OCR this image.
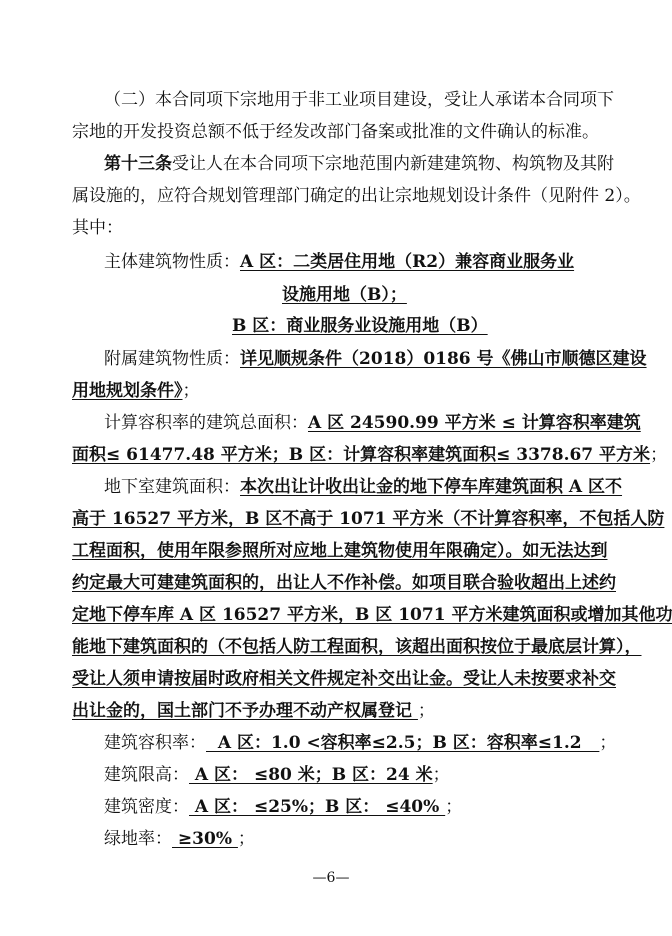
（二）本合同项下宗地用于非工业项目建设，受让人承诺本合同项下
宗地的开发投资总额不低于经发改部门备案或批准的文件确认的标准。
第十三条受让人在本合同项下宗地范围内新建建筑物、构筑物及其附
属设施的，应符合规划管理部门确定的出让宗地规划设计条件（见附件 2）。
其中：
主体建筑物性质：A 区：二类居住用地（R2）兼容商业服务业
设施用地（B）；
B 区：商业服务业设施用地（B）
附属建筑物性质：详见顺规条件（2018）0186 号《佛山市顺德区建设
用地规划条件》；
计算容积率的建筑总面积：A 区 24590.99 平方米 ≤ 计算容积率建筑
面积≤ 61477.48 平方米；B 区：计算容积率建筑面积≤ 3378.67 平方米；
地下室建筑面积：本次出让计收出让金的地下停车库建筑面积 A 区不
高于 16527 平方米，B 区不高于 1071 平方米（不计算容积率，不包括人防
工程面积，使用年限参照所对应地上建筑物使用年限确定）。如无法达到
约定最大可建建筑面积的，出让人不作补偿。如项目联合验收超出上述约
定地下停车库 A 区 16527 平方米，B 区 1071 平方米建筑面积或增加其他功
能地下建筑面积的（不包括人防工程面积，该超出面积按位于最底层计算），
受让人须申请按届时政府相关文件规定补交出让金。受让人未按要求补交
出让金的，国土部门不予办理不动产权属登记 ；
建筑容积率：  A 区：1.0 <容积率≤2.5；B 区：容积率≤1.2   ；
建筑限高： A 区： ≤80 米；B 区：24 米；
建筑密度： A 区： ≤25%；B 区： ≤40% ；
绿地率： ≥30% ；
—6—
